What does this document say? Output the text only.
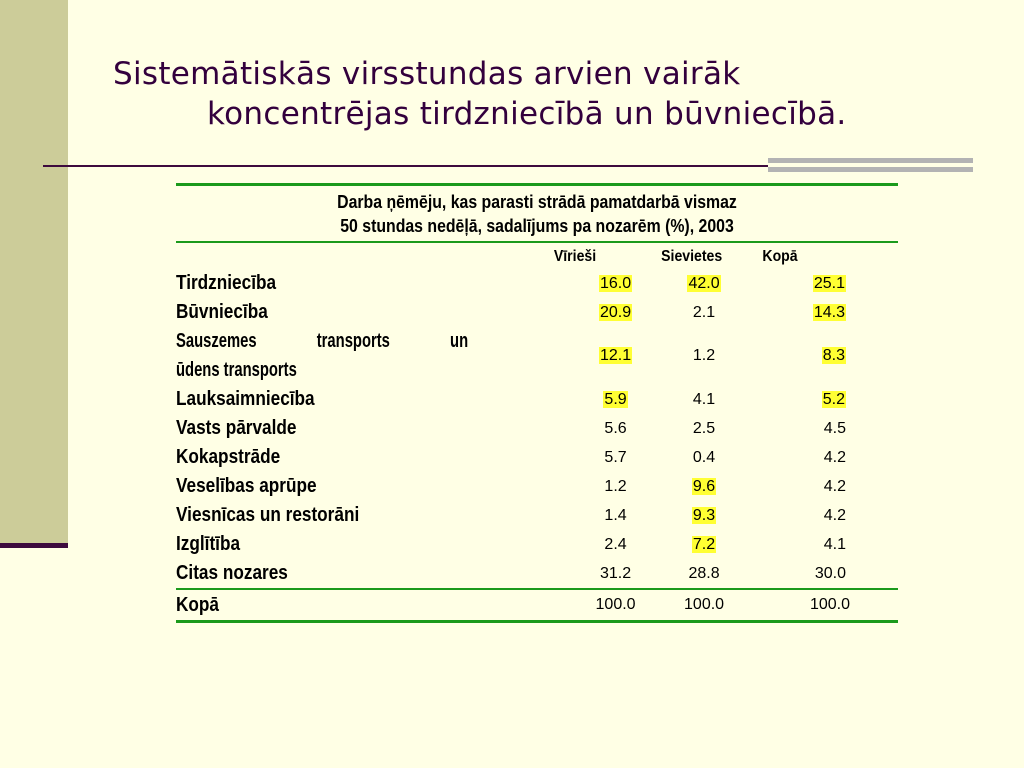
Sistemātiskās virsstundas arvien vairāk
koncentrējas tirdzniecībā un būvniecībā.
Darba ņēmēju, kas parasti strādā pamatdarbā vismaz
50 stundas nedēļā, sadalījums pa nozarēm (%), 2003

	Vīrieši	Sievietes	Kopā
Tirdzniecība	16.0	42.0	25.1
Būvniecība	20.9	2.1	14.3

Sauszemes transports un
ūdens transports	12.1	1.2	8.3
Lauksaimniecība	5.9	4.1	5.2
Vasts pārvalde	5.6	2.5	4.5
Kokapstrāde	5.7	0.4	4.2
Veselības aprūpe	1.2	9.6	4.2
Viesnīcas un restorāni	1.4	9.3	4.2
Izglītība	2.4	7.2	4.1
Citas nozares	31.2	28.8	30.0
Kopā	100.0	100.0	100.0
